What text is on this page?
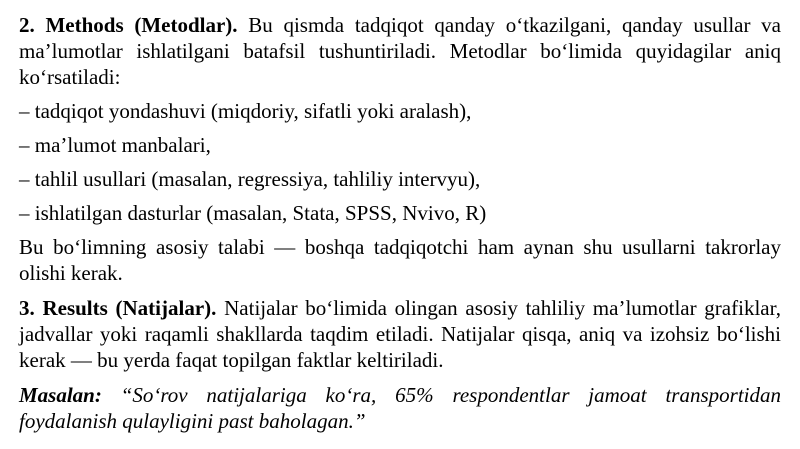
2. Methods (Metodlar). Bu qismda tadqiqot qanday o‘tkazilgani, qanday usullar va ma’lumotlar ishlatilgani batafsil tushuntiriladi. Metodlar bo‘limida quyidagilar aniq ko‘rsatiladi:

– tadqiqot yondashuvi (miqdoriy, sifatli yoki aralash),

– ma’lumot manbalari,

– tahlil usullari (masalan, regressiya, tahliliy intervyu),

– ishlatilgan dasturlar (masalan, Stata, SPSS, Nvivo, R)

Bu bo‘limning asosiy talabi — boshqa tadqiqotchi ham aynan shu usullarni takrorlay olishi kerak.

3. Results (Natijalar). Natijalar bo‘limida olingan asosiy tahliliy ma’lumotlar grafiklar, jadvallar yoki raqamli shakllarda taqdim etiladi. Natijalar qisqa, aniq va izohsiz bo‘lishi kerak — bu yerda faqat topilgan faktlar keltiriladi.

Masalan: “So‘rov natijalariga ko‘ra, 65% respondentlar jamoat transportidan foydalanish qulayligini past baholagan.”
